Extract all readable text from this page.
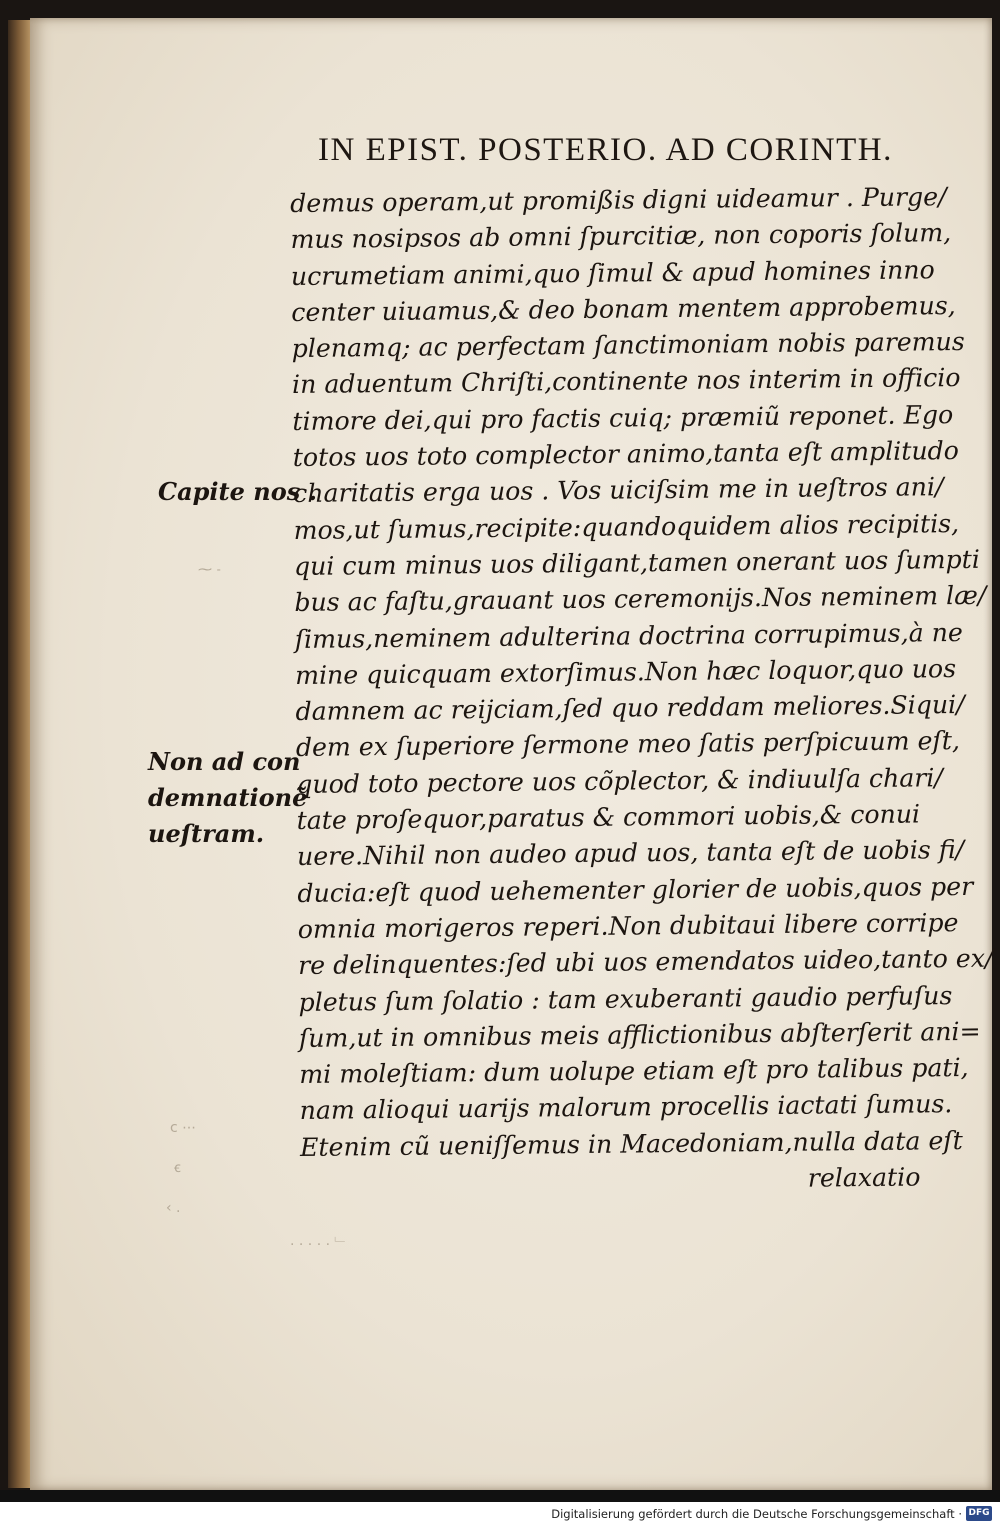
IN EPIST. POSTERIO. AD CORINTH.
demus operam,ut promißis digni uideamur . Purge/
mus nosipsos ab omni ſpurcitiæ, non coporis ſolum,
ucrumetiam animi,quo ſimul & apud homines inno
center uiuamus,& deo bonam mentem approbemus,
plenamq; ac perfectam ſanctimoniam nobis paremus
in aduentum Chriſti,continente nos interim in officio
timore dei,qui pro factis cuiq; præmiũ reponet. Ego
totos uos toto complector animo,tanta eſt amplitudo
charitatis erga uos . Vos uiciſsim me in ueſtros ani/
mos,ut ſumus,recipite:quandoquidem alios recipitis,
qui cum minus uos diligant,tamen onerant uos ſumpti
bus ac faſtu,grauant uos ceremonijs.Nos neminem læ/
ſimus,neminem adulterina doctrina corrupimus,à ne
mine quicquam extorſimus.Non hæc loquor,quo uos
damnem ac reijciam,ſed quo reddam meliores.Siqui/
dem ex ſuperiore ſermone meo ſatis perſpicuum eſt,
quod toto pectore uos cõplector, & indiuulſa chari/
tate proſequor,paratus & commori uobis,& conui
uere.Nihil non audeo apud uos, tanta eſt de uobis fi/
ducia:eſt quod uehementer glorier de uobis,quos per
omnia morigeros reperi.Non dubitaui libere corripe
re delinquentes:ſed ubi uos emendatos uideo,tanto ex/
pletus ſum ſolatio : tam exuberanti gaudio perfuſus
ſum,ut in omnibus meis afflictionibus abſterſerit ani=
mi moleſtiam: dum uolupe etiam eſt pro talibus pati,
nam alioqui uarijs malorum procellis iactati ſumus.
Etenim cũ ueniſſemus in Macedoniam,nulla data eſt
relaxatio
Capite nos .
Non ad con
demnationẽ
ueſtram.
⁓ ˗
c ⋯
ꞓ
‹ .
⋅ ⋅ ⋅ ⋅ ⋅ ﹂
Digitalisierung gefördert durch die Deutsche Forschungsgemeinschaft · DFG
